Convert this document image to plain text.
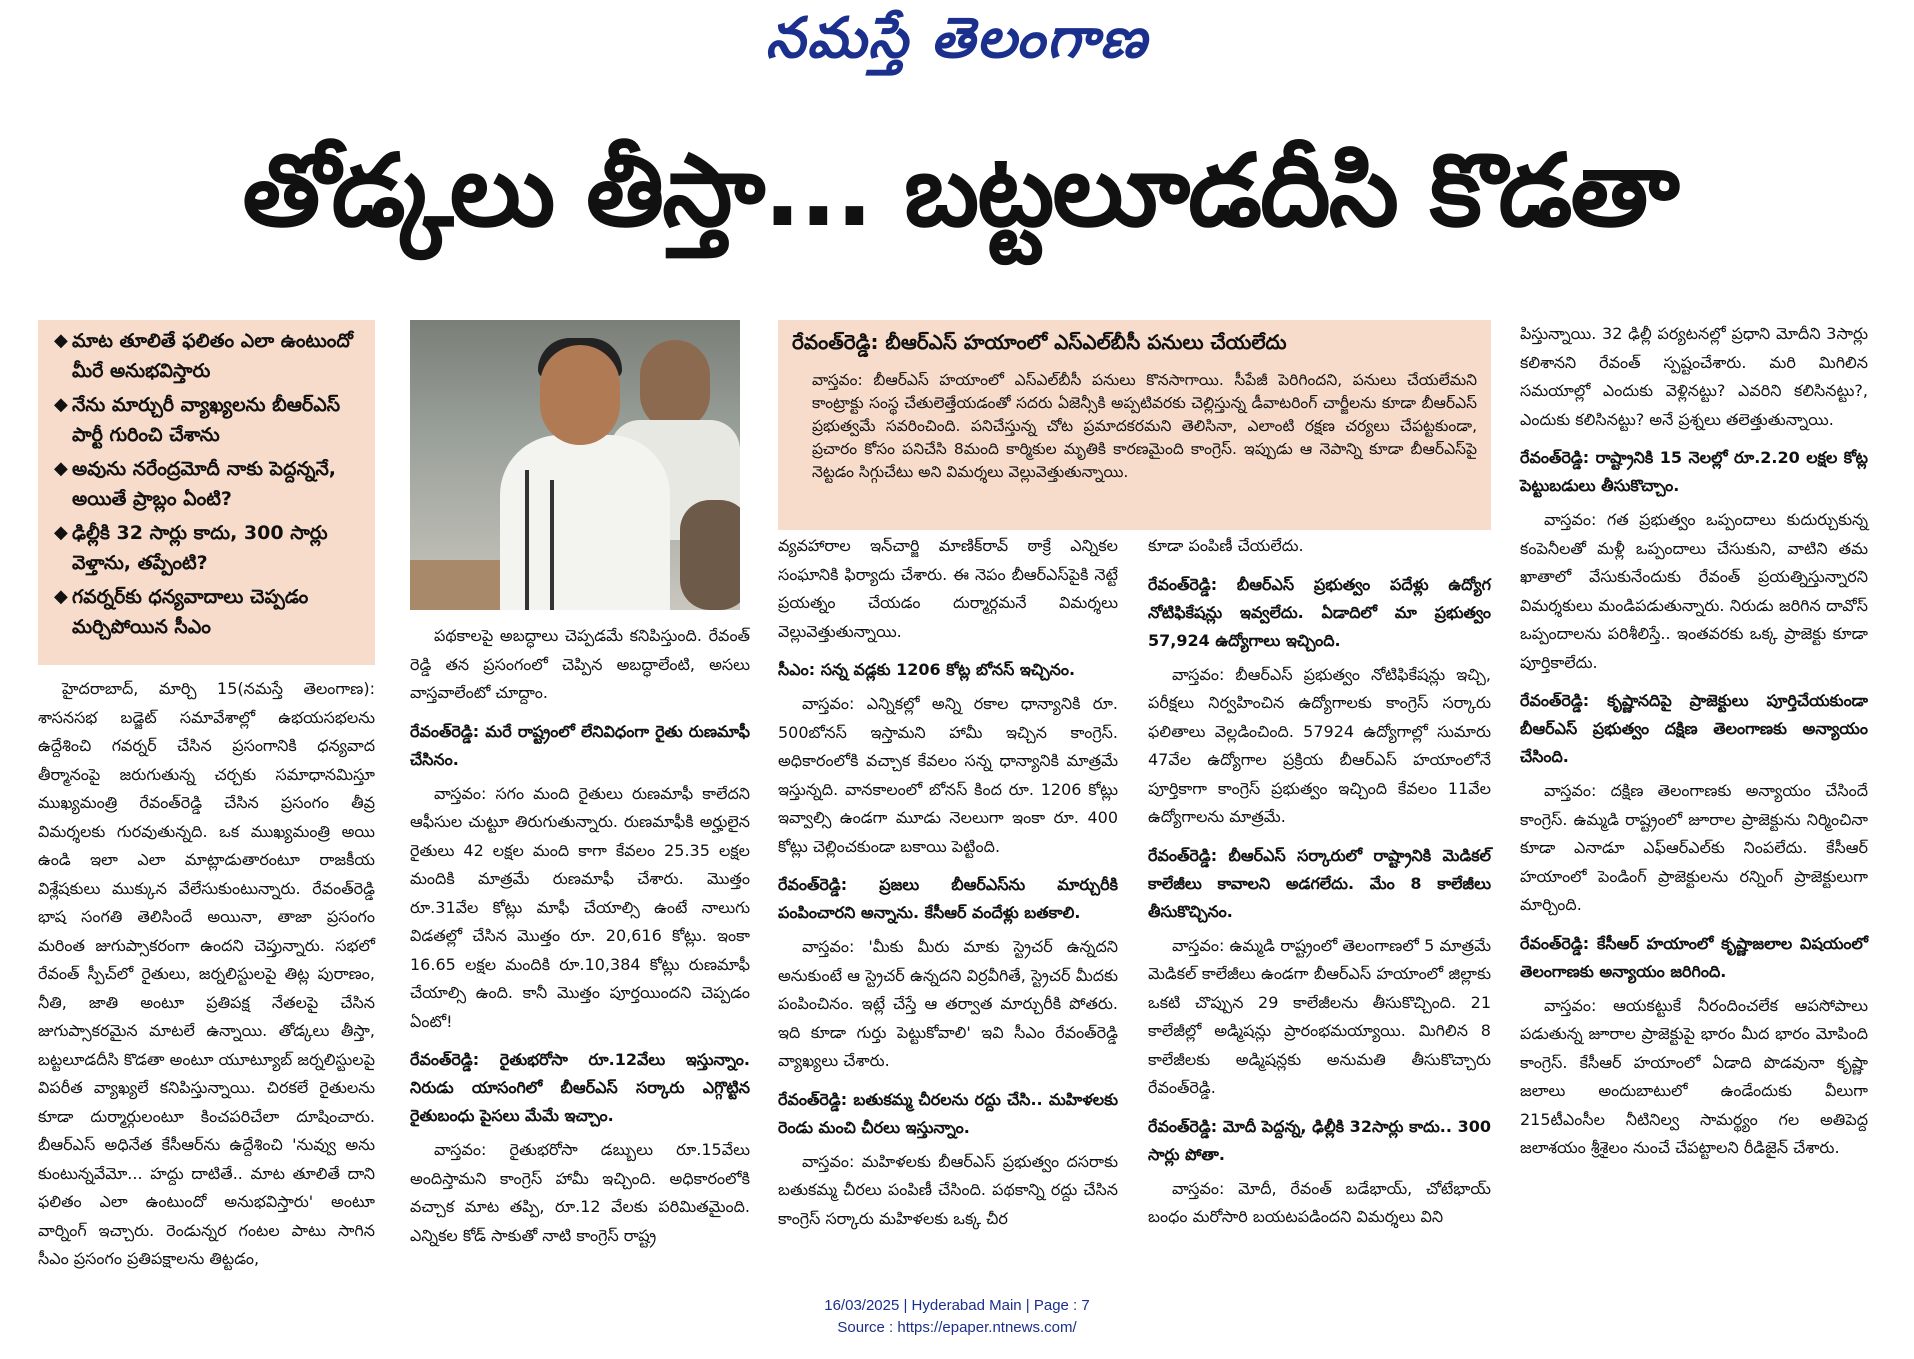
నమస్తే తెలంగాణ
తోడ్కలు తీస్తా... బట్టలూడదీసి కొడతా
◆ మాట తూలితే ఫలితం ఎలా ఉంటుందో మీరే అనుభవిస్తారు
◆ నేను మార్చురీ వ్యాఖ్యలను బీఆర్‌ఎస్ పార్టీ గురించి చేశాను
◆ అవును నరేంద్రమోదీ నాకు పెద్దన్ననే, అయితే ప్రాబ్లం ఏంటి?
◆ ఢిల్లీకి 32 సార్లు కాదు, 300 సార్లు వెళ్తాను, తప్పేంటి?
◆ గవర్నర్‌కు ధన్యవాదాలు చెప్పడం మర్చిపోయిన సీఎం
రేవంత్‌రెడ్డి: బీఆర్‌ఎస్ హయాంలో ఎస్‌ఎల్‌బీసీ పనులు చేయలేదు
వాస్తవం: బీఆర్‌ఎస్ హయాంలో ఎస్‌ఎల్‌బీసీ పనులు కొనసాగాయి. సీపేజీ పెరిగిందని, పనులు చేయలేమని కాంట్రాక్టు సంస్థ చేతులెత్తేయడంతో సదరు ఏజెన్సీకి అప్పటివరకు చెల్లిస్తున్న డీవాటరింగ్ చార్జీలను కూడా బీఆర్‌ఎస్ ప్రభుత్వమే సవరించింది. పనిచేస్తున్న చోట ప్రమాదకరమని తెలిసినా, ఎలాంటి రక్షణ చర్యలు చేపట్టకుండా, ప్రచారం కోసం పనిచేసి 8మంది కార్మికుల మృతికి కారణమైంది కాంగ్రెస్. ఇప్పుడు ఆ నెపాన్ని కూడా బీఆర్‌ఎస్‌పై నెట్టడం సిగ్గుచేటు అని విమర్శలు వెల్లువెత్తుతున్నాయి.

హైదరాబాద్, మార్చి 15(నమస్తే తెలంగాణ): శాసనసభ బడ్జెట్ సమావేశాల్లో ఉభయసభలను ఉద్దేశించి గవర్నర్ చేసిన ప్రసంగానికి ధన్యవాద తీర్మానంపై జరుగుతున్న చర్చకు సమాధానమిస్తూ ముఖ్యమంత్రి రేవంత్‌రెడ్డి చేసిన ప్రసంగం తీవ్ర విమర్శలకు గురవుతున్నది. ఒక ముఖ్యమంత్రి అయి ఉండి ఇలా ఎలా మాట్లాడుతారంటూ రాజకీయ విశ్లేషకులు ముక్కున వేలేసుకుంటున్నారు. రేవంత్‌రెడ్డి భాష సంగతి తెలిసిందే అయినా, తాజా ప్రసంగం మరింత జుగుప్సాకరంగా ఉందని చెప్తున్నారు. సభలో రేవంత్ స్పీచ్‌లో రైతులు, జర్నలిస్టులపై తిట్ల పురాణం, నీతి, జాతి అంటూ ప్రతిపక్ష నేతలపై చేసిన జుగుప్సాకరమైన మాటలే ఉన్నాయి. తోడ్కలు తీస్తా, బట్టలూడదీసి కొడతా అంటూ యూట్యూబ్ జర్నలిస్టులపై విపరీత వ్యాఖ్యలే కనిపిస్తున్నాయి. చిరకలే రైతులను కూడా దుర్మార్గులంటూ కించపరిచేలా దూషించారు. బీఆర్‌ఎస్ అధినేత కేసీఆర్‌ను ఉద్దేశించి 'నువ్వు అను కుంటున్నవేమో... హద్దు దాటితే.. మాట తూలితే దాని ఫలితం ఎలా ఉంటుందో అనుభవిస్తారు' అంటూ వార్నింగ్ ఇచ్చారు. రెండున్నర గంటల పాటు సాగిన సీఎం ప్రసంగం ప్రతిపక్షాలను తిట్టడం,

పథకాలపై అబద్ధాలు చెప్పడమే కనిపిస్తుంది. రేవంత్ రెడ్డి తన ప్రసంగంలో చెప్పిన అబద్ధాలేంటి, అసలు వాస్తవాలేంటో చూద్దాం.

రేవంత్‌రెడ్డి: మరే రాష్ట్రంలో లేనివిధంగా రైతు రుణమాఫీ చేసినం.

వాస్తవం: సగం మంది రైతులు రుణమాఫీ కాలేదని ఆఫీసుల చుట్టూ తిరుగుతున్నారు. రుణమాఫీకి అర్హులైన రైతులు 42 లక్షల మంది కాగా కేవలం 25.35 లక్షల మందికి మాత్రమే రుణమాఫీ చేశారు. మొత్తం రూ.31వేల కోట్లు మాఫీ చేయాల్సి ఉంటే నాలుగు విడతల్లో చేసిన మొత్తం రూ. 20,616 కోట్లు. ఇంకా 16.65 లక్షల మందికి రూ.10,384 కోట్లు రుణమాఫీ చేయాల్సి ఉంది. కానీ మొత్తం పూర్తయిందని చెప్పడం ఏంటో!

రేవంత్‌రెడ్డి: రైతుభరోసా రూ.12వేలు ఇస్తున్నాం. నిరుడు యాసంగిలో బీఆర్‌ఎస్ సర్కారు ఎగ్గొట్టిన రైతుబంధు పైసలు మేమే ఇచ్చాం.

వాస్తవం: రైతుభరోసా డబ్బులు రూ.15వేలు అందిస్తామని కాంగ్రెస్ హామీ ఇచ్చింది. అధికారంలోకి వచ్చాక మాట తప్పి, రూ.12 వేలకు పరిమితమైంది. ఎన్నికల కోడ్ సాకుతో నాటి కాంగ్రెస్ రాష్ట్ర

వ్యవహారాల ఇన్‌చార్జి మాణిక్‌రావ్ ఠాక్రే ఎన్నికల సంఘానికి ఫిర్యాదు చేశారు. ఈ నెపం బీఆర్‌ఎస్‌పైకి నెట్టే ప్రయత్నం చేయడం దుర్మార్గమనే విమర్శలు వెల్లువెత్తుతున్నాయి.

సీఎం: సన్న వడ్లకు 1206 కోట్ల బోనస్ ఇచ్చినం.

వాస్తవం: ఎన్నికల్లో అన్ని రకాల ధాన్యానికి రూ. 500బోనస్ ఇస్తామని హామీ ఇచ్చిన కాంగ్రెస్. అధికారంలోకి వచ్చాక కేవలం సన్న ధాన్యానికి మాత్రమే ఇస్తున్నది. వానకాలంలో బోనస్ కింద రూ. 1206 కోట్లు ఇవ్వాల్సి ఉండగా మూడు నెలలుగా ఇంకా రూ. 400 కోట్లు చెల్లించకుండా బకాయి పెట్టింది.

రేవంత్‌రెడ్డి: ప్రజలు బీఆర్‌ఎస్‌ను మార్చురీకి పంపించారని అన్నాను. కేసీఆర్ వందేళ్లు బతకాలి.

వాస్తవం: 'మీకు మీరు మాకు స్ట్రెచర్ ఉన్నదని అనుకుంటే ఆ స్ట్రెచర్ ఉన్నదని విర్రవీగితే, స్ట్రెచర్ మీదకు పంపించినం. ఇట్లే చేస్తే ఆ తర్వాత మార్చురీకి పోతరు. ఇది కూడా గుర్తు పెట్టుకోవాలి' ఇవి సీఎం రేవంత్‌రెడ్డి వ్యాఖ్యలు చేశారు.

రేవంత్‌రెడ్డి: బతుకమ్మ చీరలను రద్దు చేసి.. మహిళలకు రెండు మంచి చీరలు ఇస్తున్నాం.

వాస్తవం: మహిళలకు బీఆర్‌ఎస్ ప్రభుత్వం దసరాకు బతుకమ్మ చీరలు పంపిణీ చేసింది. పథకాన్ని రద్దు చేసిన కాంగ్రెస్ సర్కారు మహిళలకు ఒక్క చీర

కూడా పంపిణీ చేయలేదు.

రేవంత్‌రెడ్డి: బీఆర్‌ఎస్ ప్రభుత్వం పదేళ్లు ఉద్యోగ నోటిఫికేషన్లు ఇవ్వలేదు. ఏడాదిలో మా ప్రభుత్వం 57,924 ఉద్యోగాలు ఇచ్చింది.

వాస్తవం: బీఆర్‌ఎస్ ప్రభుత్వం నోటిఫికేషన్లు ఇచ్చి, పరీక్షలు నిర్వహించిన ఉద్యోగాలకు కాంగ్రెస్ సర్కారు ఫలితాలు వెల్లడించింది. 57924 ఉద్యోగాల్లో సుమారు 47వేల ఉద్యోగాల ప్రక్రియ బీఆర్‌ఎస్ హయాంలోనే పూర్తికాగా కాంగ్రెస్ ప్రభుత్వం ఇచ్చింది కేవలం 11వేల ఉద్యోగాలను మాత్రమే.

రేవంత్‌రెడ్డి: బీఆర్‌ఎస్ సర్కారులో రాష్ట్రానికి మెడికల్ కాలేజీలు కావాలని అడగలేదు. మేం 8 కాలేజీలు తీసుకొచ్చినం.

వాస్తవం: ఉమ్మడి రాష్ట్రంలో తెలంగాణలో 5 మాత్రమే మెడికల్ కాలేజీలు ఉండగా బీఆర్‌ఎస్ హయాంలో జిల్లాకు ఒకటి చొప్పున 29 కాలేజీలను తీసుకొచ్చింది. 21 కాలేజీల్లో అడ్మిషన్లు ప్రారంభమయ్యాయి. మిగిలిన 8 కాలేజీలకు అడ్మిషన్లకు అనుమతి తీసుకొచ్చారు రేవంత్‌రెడ్డి.

రేవంత్‌రెడ్డి: మోదీ పెద్దన్న, ఢిల్లీకి 32సార్లు కాదు.. 300 సార్లు పోతా.

వాస్తవం: మోదీ, రేవంత్ బడేభాయ్, చోటేభాయ్ బంధం మరోసారి బయటపడిందని విమర్శలు విని

పిస్తున్నాయి. 32 ఢిల్లీ పర్యటనల్లో ప్రధాని మోదీని 3సార్లు కలిశానని రేవంత్ స్పష్టంచేశారు. మరి మిగిలిన సమయాల్లో ఎందుకు వెళ్లినట్టు? ఎవరిని కలిసినట్టు?, ఎందుకు కలిసినట్టు? అనే ప్రశ్నలు తలెత్తుతున్నాయి.

రేవంత్‌రెడ్డి: రాష్ట్రానికి 15 నెలల్లో రూ.2.20 లక్షల కోట్ల పెట్టుబడులు తీసుకొచ్చాం.

వాస్తవం: గత ప్రభుత్వం ఒప్పందాలు కుదుర్చుకున్న కంపెనీలతో మళ్లీ ఒప్పందాలు చేసుకుని, వాటిని తమ ఖాతాలో వేసుకునేందుకు రేవంత్ ప్రయత్నిస్తున్నారని విమర్శకులు మండిపడుతున్నారు. నిరుడు జరిగిన దావోస్ ఒప్పందాలను పరిశీలిస్తే.. ఇంతవరకు ఒక్క ప్రాజెక్టు కూడా పూర్తికాలేదు.

రేవంత్‌రెడ్డి: కృష్ణానదిపై ప్రాజెక్టులు పూర్తిచేయకుండా బీఆర్‌ఎస్ ప్రభుత్వం దక్షిణ తెలంగాణకు అన్యాయం చేసింది.

వాస్తవం: దక్షిణ తెలంగాణకు అన్యాయం చేసిందే కాంగ్రెస్. ఉమ్మడి రాష్ట్రంలో జూరాల ప్రాజెక్టును నిర్మించినా కూడా ఎనాడూ ఎఫ్‌ఆర్‌ఎల్‌కు నింపలేదు. కేసీఆర్ హయాంలో పెండింగ్ ప్రాజెక్టులను రన్నింగ్ ప్రాజెక్టులుగా మార్చింది.

రేవంత్‌రెడ్డి: కేసీఆర్ హయాంలో కృష్ణాజలాల విషయంలో తెలంగాణకు అన్యాయం జరిగింది.

వాస్తవం: ఆయకట్టుకే నీరందించలేక ఆపసోపాలు పడుతున్న జూరాల ప్రాజెక్టుపై భారం మీద భారం మోపింది కాంగ్రెస్. కేసీఆర్ హయాంలో ఏడాది పొడవునా కృష్ణా జలాలు అందుబాటులో ఉండేందుకు వీలుగా 215టీఎంసీల నీటినిల్వ సామర్థ్యం గల అతిపెద్ద జలాశయం శ్రీశైలం నుంచే చేపట్టాలని రీడిజైన్ చేశారు.

16/03/2025 | Hyderabad Main | Page : 7
Source : https://epaper.ntnews.com/
